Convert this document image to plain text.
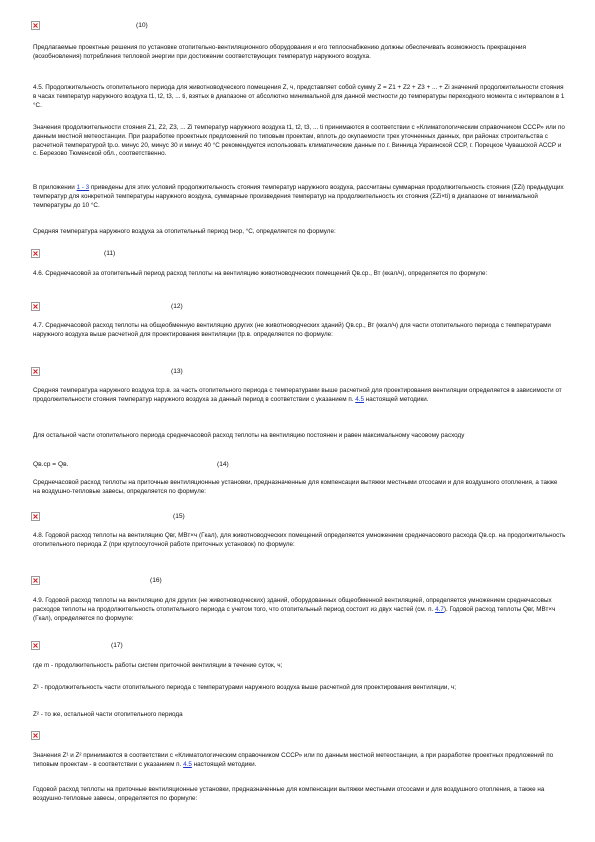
(10)

Предлагаемые проектные решения по установке отопительно-вентиляционного оборудования и его теплоснабжению должны обеспечивать возможность прекращения (возобновления) потребления тепловой энергии при достижении соответствующих температур наружного воздуха.

4.5. Продолжительность отопительного периода для животноводческого помещения Z, ч, представляет собой сумму Z = Z1 + Z2 + Z3 + ... + Zi значений продолжительности стояния в часах температур наружного воздуха t1, t2, t3, ... ti, взятых в диапазоне от абсолютно минимальной для данной местности до температуры переходного момента с интервалом в 1 °С.

Значения продолжительности стояния Z1, Z2, Z3, ... Zi температур наружного воздуха t1, t2, t3, ... ti принимаются в соответствии с «Климатологическим справочником СССР» или по данным местной метеостанции. При разработке проектных предложений по типовым проектам, вплоть до окупаемости трех уточненных данных, при районах строительства с расчетной температурой tр.о. минус 20, минус 30 и минус 40 °С рекомендуется использовать климатические данные по г. Винница Украинской ССР, г. Порецкое Чувашской АССР и с. Березово Тюменской обл., соответственно.

В приложении 1 - 3 приведены для этих условий продолжительность стояния температур наружного воздуха, рассчитаны суммарная продолжительность стояния (ΣZi) предыдущих температур для конкретной температуры наружного воздуха, суммарные произведения температур на продолжительность их стояния (ΣZi×ti) в диапазоне от минимальной температуры до 10 °С.

Средняя температура наружного воздуха за отопительный период tнор, °С, определяется по формуле:

(11)

4.6. Среднечасовой за отопительный период расход теплоты на вентиляцию животноводческих помещений Qв.ср., Вт (ккал/ч), определяется по формуле:

(12)

4.7. Среднечасовой расход теплоты на общеобменную вентиляцию других (не животноводческих зданий) Qв.ср., Вт (ккал/ч) для части отопительного периода с температурами наружного воздуха выше расчетной для проектирования вентиляции (tр.в. определяется по формуле:

(13)

Средняя температура наружного воздуха tср.в. за часть отопительного периода с температурами выше расчетной для проектирования вентиляции определяется в зависимости от продолжительности стояния температур наружного воздуха за данный период в соответствии с указанием п. 4.5 настоящей методики.

Для остальной части отопительного периода среднечасовой расход теплоты на вентиляцию постоянен и равен максимальному часовому расходу

Qв.ср = Qв.	(14)

Среднечасовой расход теплоты на приточные вентиляционные установки, предназначенные для компенсации вытяжки местными отсосами и для воздушного отопления, а также на воздушно-тепловые завесы, определяется по формуле:

(15)

4.8. Годовой расход теплоты на вентиляцию Qвг, МВт×ч (Гкал), для животноводческих помещений определяется умножением среднечасового расхода Qв.ср. на продолжительность отопительного периода Z (при круглосуточной работе приточных установок) по формуле:

(16)

4.9. Годовой расход теплоты на вентиляцию для других (не животноводческих) зданий, оборудованных общеобменной вентиляцией, определяется умножением среднечасовых расходов теплоты на продолжительность отопительного периода с учетом того, что отопительный период состоит из двух частей (см. п. 4.7). Годовой расход теплоты Qвг, МВт×ч (Гкал), определяется по формуле:

(17)

где m - продолжительность работы систем приточной вентиляции в течение суток, ч;

Z¹ - продолжительность части отопительного периода с температурами наружного воздуха выше расчетной для проектирования вентиляции, ч;

Z² - то же, остальной части отопительного периода

Значения Z¹ и Z² принимаются в соответствии с «Климатологическим справочником СССР» или по данным местной метеостанции, а при разработке проектных предложений по типовым проектам - в соответствии с указанием п. 4.5 настоящей методики.

Годовой расход теплоты на приточные вентиляционные установки, предназначенные для компенсации вытяжки местными отсосами и для воздушного отопления, а также на воздушно-тепловые завесы, определяется по формуле:
